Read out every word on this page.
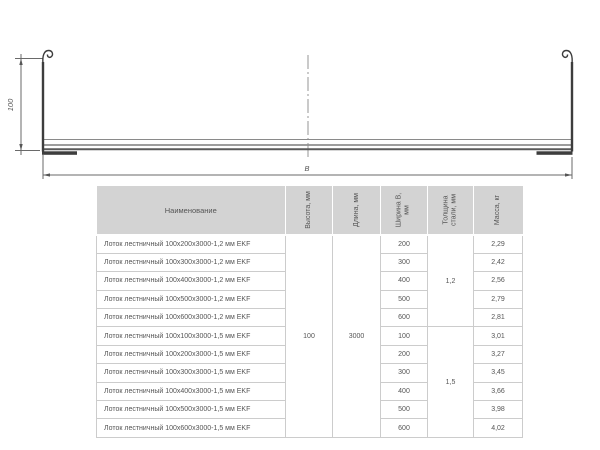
100
B
Наименование	Высота, мм	Длина, мм	Ширина В, мм	Толщина стали, мм	Масса, кг

Лоток лестничный 100х200х3000-1,2 мм EKF	100	3000	200	1,2	2,29
Лоток лестничный 100х300х3000-1,2 мм EKF			300		2,42
Лоток лестничный 100х400х3000-1,2 мм EKF			400		2,56
Лоток лестничный 100х500х3000-1,2 мм EKF			500		2,79
Лоток лестничный 100х600х3000-1,2 мм EKF			600		2,81
Лоток лестничный 100х100х3000-1,5 мм EKF			100	1,5	3,01
Лоток лестничный 100х200х3000-1,5 мм EKF			200		3,27
Лоток лестничный 100х300х3000-1,5 мм EKF			300		3,45
Лоток лестничный 100х400х3000-1,5 мм EKF			400		3,66
Лоток лестничный 100х500х3000-1,5 мм EKF			500		3,98
Лоток лестничный 100х600х3000-1,5 мм EKF			600		4,02
